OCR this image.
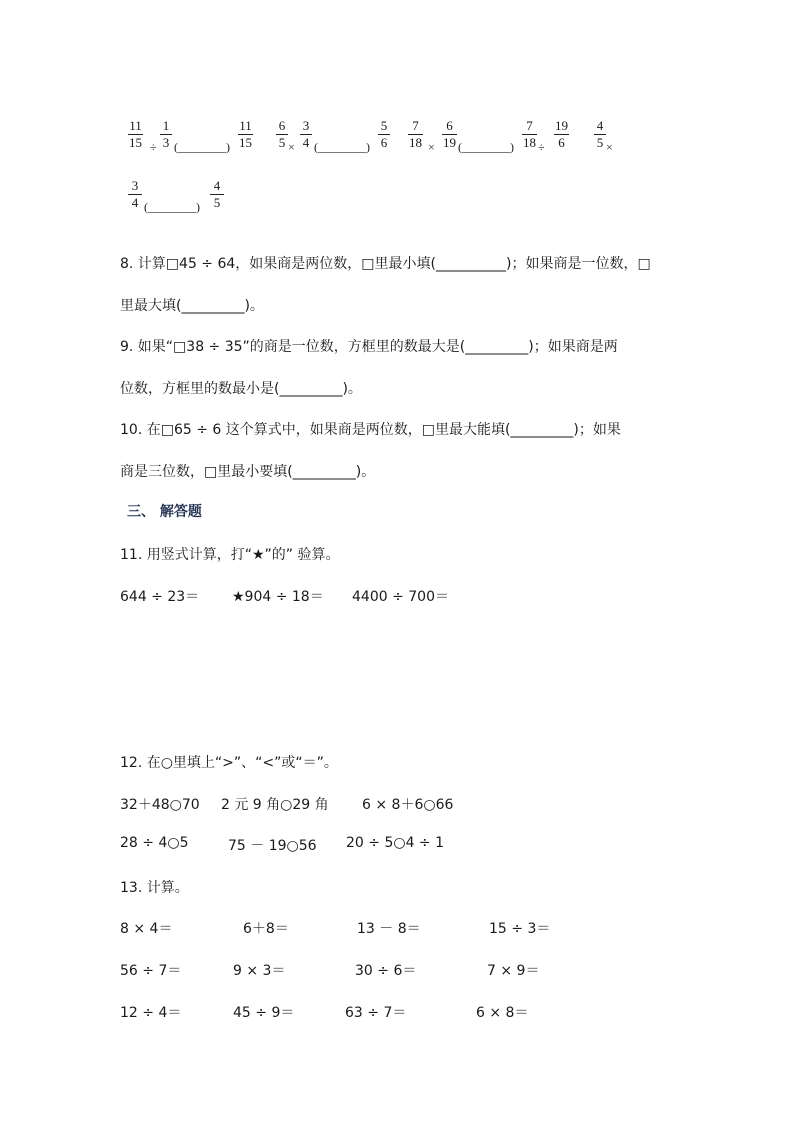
$\frac{11}{15} \div \frac{1}{3}$ (________) $\frac{11}{15} \frac{6}{5} \times \frac{3}{4}$ (________) $\frac{5}{6} \frac{7}{18} \times \frac{6}{19}$ (________) $\frac{7}{18} \div \frac{19}{6} \frac{4}{5}$ ×
3
4 (________)
4
5
8. 计算□45 ÷ 64，如果商是两位数，□里最小填(__________)；如果商是一位数，□
里最大填(_________)。
9. 如果“□38 ÷ 35”的商是一位数，方框里的数最大是(_________)；如果商是两
位数，方框里的数最小是(_________)。
10. 在□65 ÷ 6 这个算式中，如果商是两位数，□里最大能填(_________)；如果
商是三位数，□里最小要填(_________)。
三、 解答题
11. 用竖式计算，打“★”的” 验算。
644 ÷ 23＝ ★904 ÷ 18＝ 4400 ÷ 700＝
12. 在○里填上“>”、“<”或“＝”。
32＋48○70 2 元 9 角○29 角 6 × 8＋6○66
28 ÷ 4○5	75 － 19○56 20 ÷ 5○4 ÷ 1
13. 计算。
8 × 4＝	6＋8＝	13 － 8＝	15 ÷ 3＝
56 ÷ 7＝	9 × 3＝	30 ÷ 6＝	7 × 9＝
12 ÷ 4＝	45 ÷ 9＝	63 ÷ 7＝	6 × 8＝
